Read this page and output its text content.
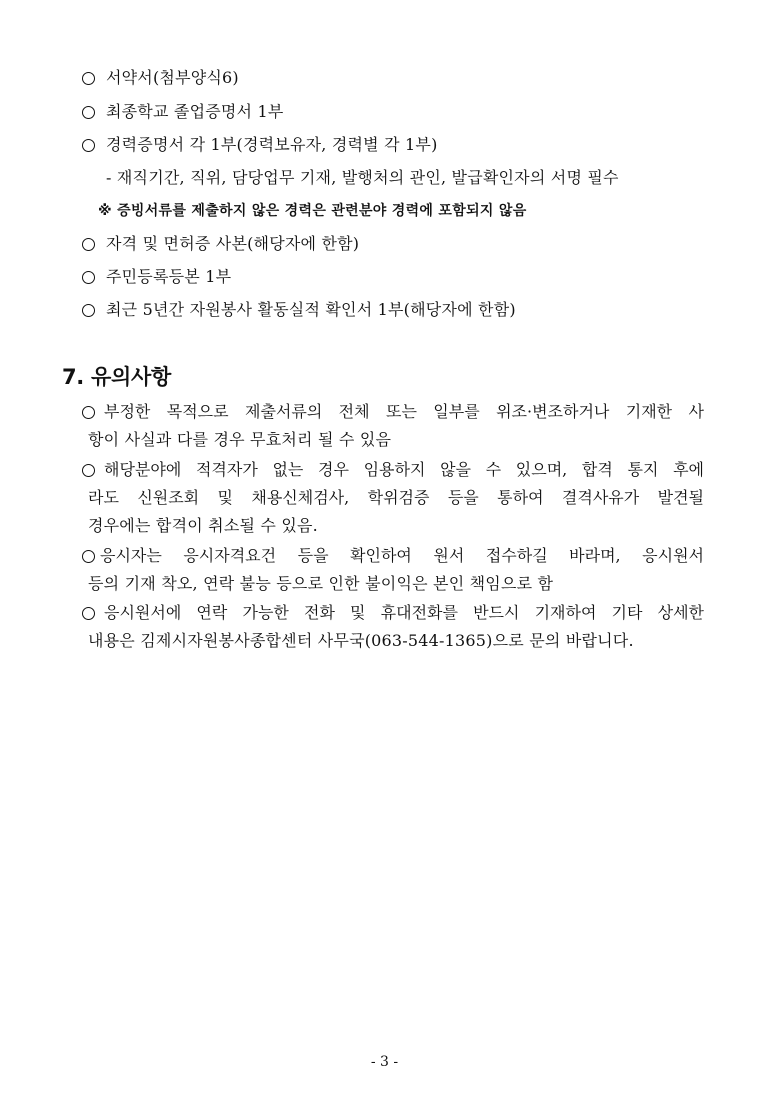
서약서(첨부양식6)
최종학교 졸업증명서 1부
경력증명서 각 1부(경력보유자, 경력별 각 1부)
- 재직기간, 직위, 담당업무 기재, 발행처의 관인, 발급확인자의 서명 필수
※ 증빙서류를 제출하지 않은 경력은 관련분야 경력에 포함되지 않음
자격 및 면허증 사본(해당자에 한함)
주민등록등본 1부
최근 5년간 자원봉사 활동실적 확인서 1부(해당자에 한함)
7. 유의사항
부정한 목적으로 제출서류의 전체 또는 일부를 위조·변조하거나 기재한 사
항이 사실과 다를 경우 무효처리 될 수 있음
해당분야에 적격자가 없는 경우 임용하지 않을 수 있으며, 합격 통지 후에
라도 신원조회 및 채용신체검사, 학위검증 등을 통하여 결격사유가 발견될
경우에는 합격이 취소될 수 있음.
응시자는 응시자격요건 등을 확인하여 원서 접수하길 바라며, 응시원서
등의 기재 착오, 연락 불능 등으로 인한 불이익은 본인 책임으로 함
응시원서에 연락 가능한 전화 및 휴대전화를 반드시 기재하여 기타 상세한
내용은 김제시자원봉사종합센터 사무국(063-544-1365)으로 문의 바랍니다.
- 3 -
